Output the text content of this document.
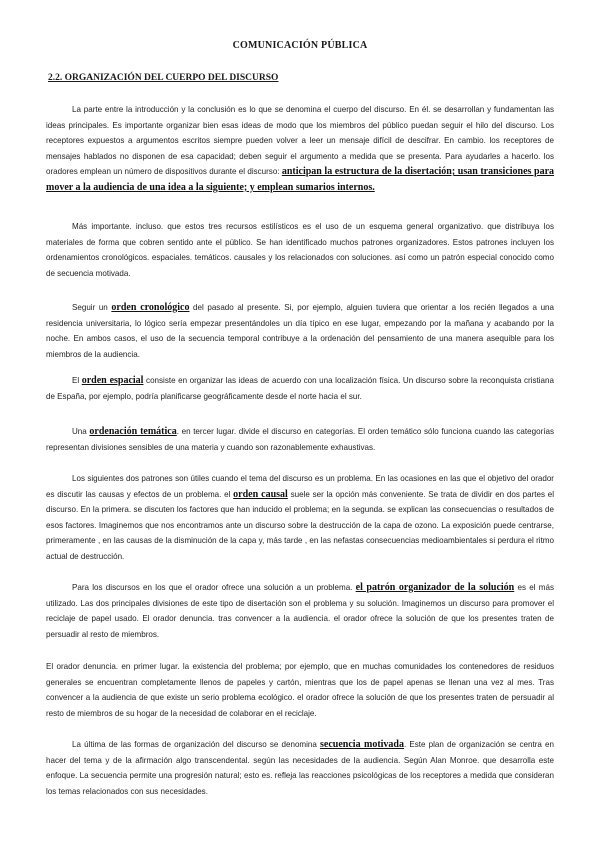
COMUNICACIÓN PÚBLICA
2.2. ORGANIZACIÓN DEL CUERPO DEL DISCURSO

La parte entre la introducción y la conclusión es lo que se denomina el cuerpo del discurso. En él. se desarrollan y fundamentan las ideas principales. Es importante organizar bien esas ideas de modo que los miembros del público puedan seguir el hilo del discurso. Los receptores expuestos a argumentos escritos siempre pueden volver a leer un mensaje difícil de descifrar. En cambio. los receptores de mensajes hablados no disponen de esa capacidad; deben seguir el argumento a medida que se presenta. Para ayudarles a hacerlo. los oradores emplean un número de dispositivos durante el discurso: anticipan la estructura de la disertación; usan transiciones para mover a la audiencia de una idea a la siguiente; y emplean sumarios internos.

Más importante. incluso. que estos tres recursos estilísticos es el uso de un esquema general organizativo. que distribuya los materiales de forma que cobren sentido ante el público. Se han identificado muchos patrones organizadores. Estos patrones incluyen los ordenamientos cronológicos. espaciales. temáticos. causales y los relacionados con soluciones. así como un patrón especial conocido como de secuencia motivada.

Seguir un orden cronológico del pasado al presente. Si, por ejemplo, alguien tuviera que orientar a los recién llegados a una residencia universitaria, lo lógico sería empezar presentándoles un día típico en ese lugar, empezando por la mañana y acabando por la noche. En ambos casos, el uso de la secuencia temporal contribuye a la ordenación del pensamiento de una manera asequible para los miembros de la audiencia.

El orden espacial consiste en organizar las ideas de acuerdo con una localización física. Un discurso sobre la reconquista cristiana de España, por ejemplo, podría planificarse geográficamente desde el norte hacia el sur.

Una ordenación temática. en tercer lugar. divide el discurso en categorías. El orden temático sólo funciona cuando las categorías representan divisiones sensibles de una materia y cuando son razonablemente exhaustivas.

Los siguientes dos patrones son útiles cuando el tema del discurso es un problema. En las ocasiones en las que el objetivo del orador es discutir las causas y efectos de un problema. el orden causal suele ser la opción más conveniente. Se trata de dividir en dos partes el discurso. En la primera. se discuten los factores que han inducido el problema; en la segunda. se explican las consecuencias o resultados de esos factores. Imaginemos que nos encontramos ante un discurso sobre la destrucción de la capa de ozono. La exposición puede centrarse, primeramente , en las causas de la disminución de la capa y, más tarde , en las nefastas consecuencias medioambientales si perdura el ritmo actual de destrucción.

Para los discursos en los que el orador ofrece una solución a un problema. el patrón organizador de la solución es el más utilizado. Las dos principales divisiones de este tipo de disertación son el problema y su solución. Imaginemos un discurso para promover el reciclaje de papel usado. El orador denuncia. tras convencer a la audiencia. el orador ofrece la solución de que los presentes traten de persuadir al resto de miembros.

El orador denuncia. en primer lugar. la existencia del problema; por ejemplo, que en muchas comunidades los contenedores de residuos generales se encuentran completamente llenos de papeles y cartón, mientras que los de papel apenas se llenan una vez al mes. Tras convencer a la audiencia de que existe un serio problema ecológico. el orador ofrece la solución de que los presentes traten de persuadir al resto de miembros de su hogar de la necesidad de colaborar en el reciclaje.

La última de las formas de organización del discurso se denomina secuencia motivada. Este plan de organización se centra en hacer del tema y de la afirmación algo transcendental. según las necesidades de la audiencia. Según Alan Monroe. que desarrolla este enfoque. La secuencia permite una progresión natural; esto es. refleja las reacciones psicológicas de los receptores a medida que consideran los temas relacionados con sus necesidades.
